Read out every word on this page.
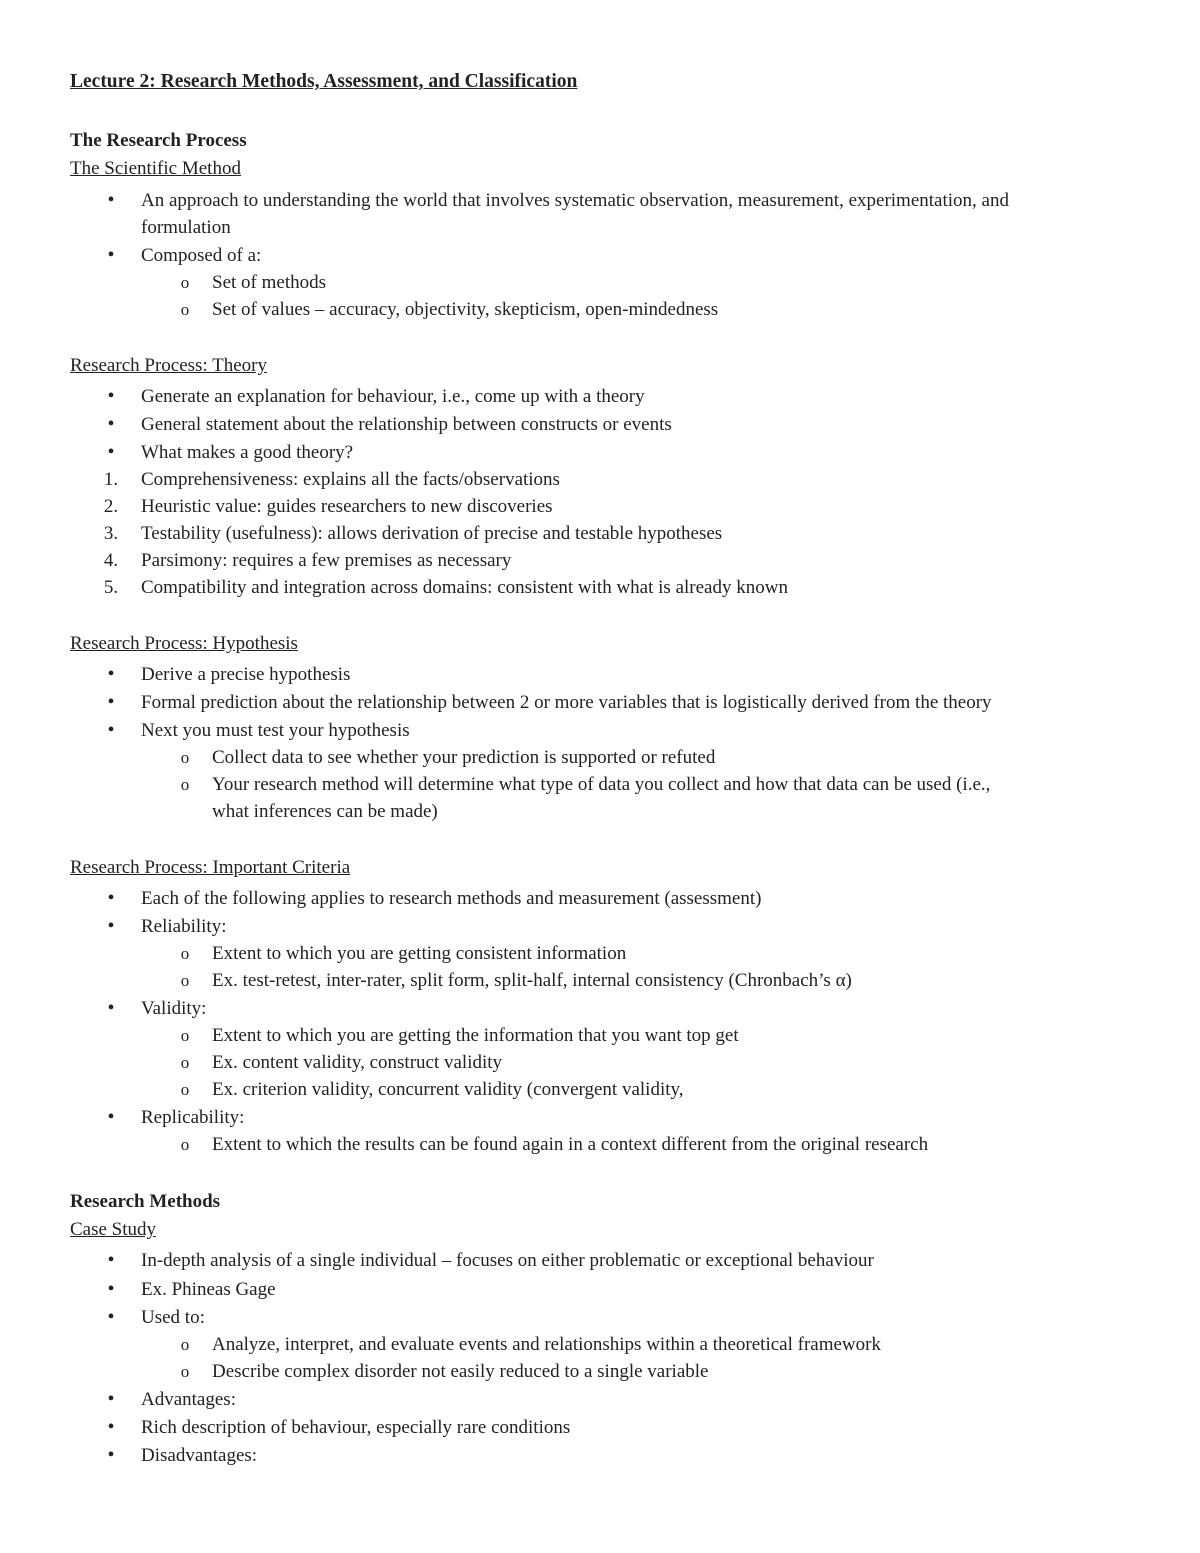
Lecture 2: Research Methods, Assessment, and Classification
The Research Process
The Scientific Method
•	An approach to understanding the world that involves systematic observation, measurement, experimentation, and
formulation
•	Composed of a:
o	Set of methods
o	Set of values – accuracy, objectivity, skepticism, open-mindedness
Research Process: Theory
•	Generate an explanation for behaviour, i.e., come up with a theory
•	General statement about the relationship between constructs or events
•	What makes a good theory?
1.	Comprehensiveness: explains all the facts/observations
2.	Heuristic value: guides researchers to new discoveries
3.	Testability (usefulness): allows derivation of precise and testable hypotheses
4.	Parsimony: requires a few premises as necessary
5.	Compatibility and integration across domains: consistent with what is already known
Research Process: Hypothesis
•	Derive a precise hypothesis
•	Formal prediction about the relationship between 2 or more variables that is logistically derived from the theory
•	Next you must test your hypothesis
o	Collect data to see whether your prediction is supported or refuted
o	Your research method will determine what type of data you collect and how that data can be used (i.e.,
what inferences can be made)
Research Process: Important Criteria
•	Each of the following applies to research methods and measurement (assessment)
•	Reliability:
o	Extent to which you are getting consistent information
o	Ex. test-retest, inter-rater, split form, split-half, internal consistency (Chronbach’s α)
•	Validity:
o	Extent to which you are getting the information that you want top get
o	Ex. content validity, construct validity
o	Ex. criterion validity, concurrent validity (convergent validity,
•	Replicability:
o	Extent to which the results can be found again in a context different from the original research
Research Methods
Case Study
•	In-depth analysis of a single individual – focuses on either problematic or exceptional behaviour
•	Ex. Phineas Gage
•	Used to:
o	Analyze, interpret, and evaluate events and relationships within a theoretical framework
o	Describe complex disorder not easily reduced to a single variable
•	Advantages:
•	Rich description of behaviour, especially rare conditions
•	Disadvantages:
